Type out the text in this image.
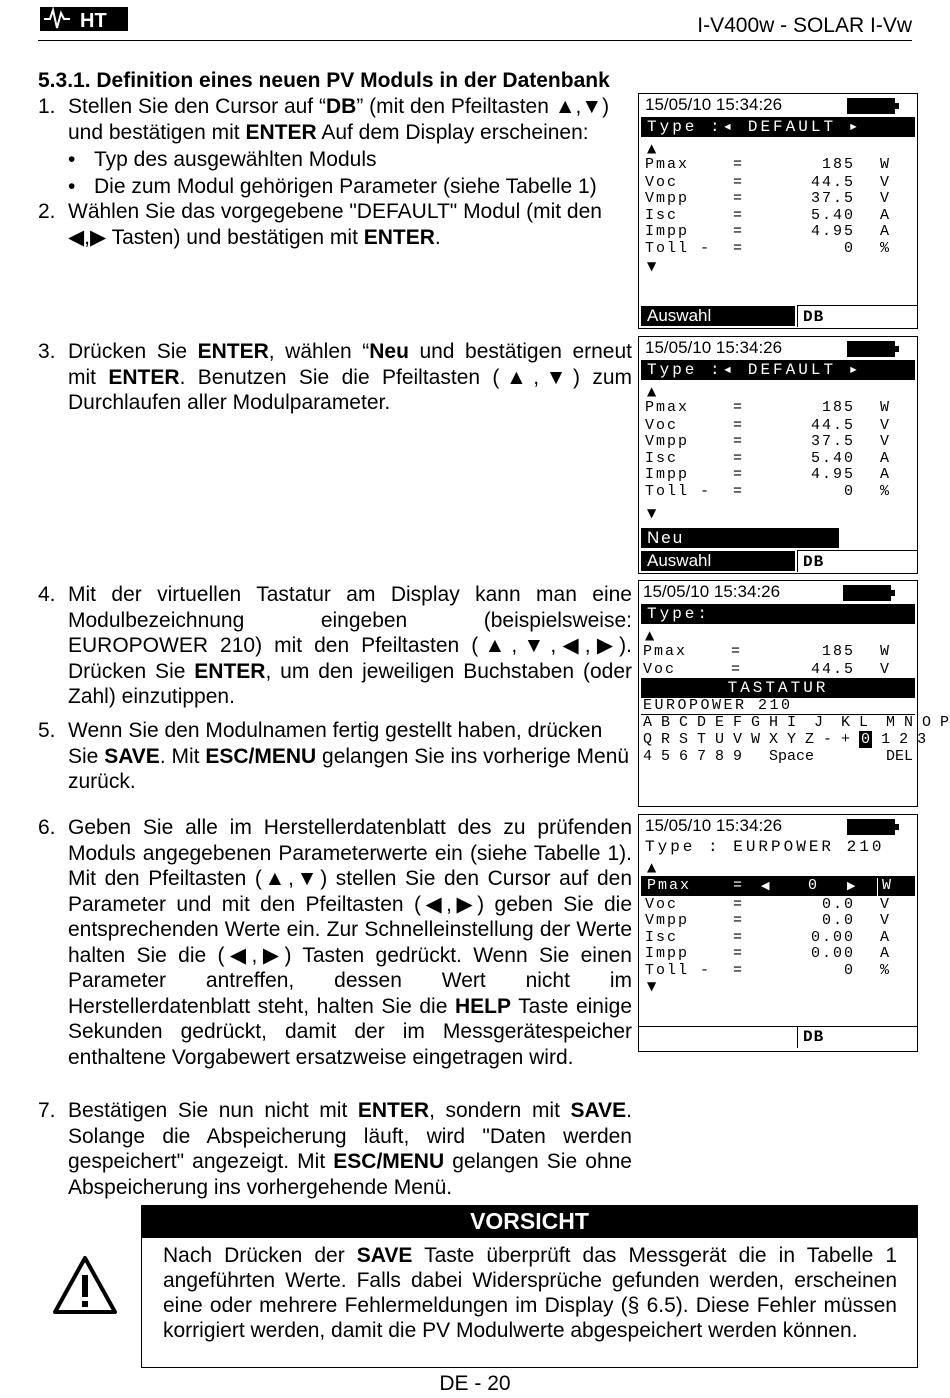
HT	I-V400w - SOLAR I-Vw
5.3.1. Definition eines neuen PV Moduls in der Datenbank
1. Stellen Sie den Cursor auf “DB” (mit den Pfeiltasten ▲,▼) und bestätigen mit ENTER Auf dem Display erscheinen:
• Typ des ausgewählten Moduls
• Die zum Modul gehörigen Parameter (siehe Tabelle 1)
2. Wählen Sie das vorgegebene "DEFAULT" Modul (mit den ◀,▶ Tasten) und bestätigen mit ENTER.
15/05/10 15:34:26
Type :◂ DEFAULT ▸
▲
Pmax	=	185 W
Voc	=	44.5 V
Vmpp	=	37.5 V
Isc	=	5.40 A
Impp	=	4.95 A
Toll - =	0 %
▼
Auswahl	DB
3. Drücken Sie ENTER, wählen “Neu und bestätigen erneut mit ENTER. Benutzen Sie die Pfeiltasten (▲,▼) zum Durchlaufen aller Modulparameter.
15/05/10 15:34:26
Type :◂ DEFAULT ▸
▲
Pmax	=	185 W
Voc	=	44.5 V
Vmpp	=	37.5 V
Isc	=	5.40 A
Impp	=	4.95 A
Toll - =	0 %
▼
Neu
Auswahl	DB
4. Mit der virtuellen Tastatur am Display kann man eine Modulbezeichnung eingeben (beispielsweise: EUROPOWER 210) mit den Pfeiltasten (▲,▼,◀,▶). Drücken Sie ENTER, um den jeweiligen Buchstaben (oder Zahl) einzutippen.
15/05/10 15:34:26
Type:
▲
Pmax	=	185 W
Voc	=	44.5 V
TASTATUR
EUROPOWER 210
A B C D E F G H I  J  K L  M N O P
Q R S T U V W X Y Z - + 0 1 2 3
4 5 6 7 8 9   Space        DEL
5. Wenn Sie den Modulnamen fertig gestellt haben, drücken Sie SAVE. Mit ESC/MENU gelangen Sie ins vorherige Menü zurück.
6. Geben Sie alle im Herstellerdatenblatt des zu prüfenden Moduls angegebenen Parameterwerte ein (siehe Tabelle 1). Mit den Pfeiltasten (▲,▼) stellen Sie den Cursor auf den Parameter und mit den Pfeiltasten (◀,▶) geben Sie die entsprechenden Werte ein. Zur Schnelleinstellung der Werte halten Sie die (◀,▶) Tasten gedrückt. Wenn Sie einen Parameter antreffen, dessen Wert nicht im Herstellerdatenblatt steht, halten Sie die HELP Taste einige Sekunden gedrückt, damit der im Messgerätespeicher enthaltene Vorgabewert ersatzweise eingetragen wird.
15/05/10 15:34:26
Type : EURPOWER 210
▲
Pmax	= ◀	0	▶	W
Voc	=	0.0 V
Vmpp	=	0.0 V
Isc	=	0.00 A
Impp	=	0.00 A
Toll - =	0 %
▼
DB
7. Bestätigen Sie nun nicht mit ENTER, sondern mit SAVE. Solange die Abspeicherung läuft, wird "Daten werden gespeichert" angezeigt. Mit ESC/MENU gelangen Sie ohne Abspeicherung ins vorhergehende Menü.
VORSICHT
Nach Drücken der SAVE Taste überprüft das Messgerät die in Tabelle 1 angeführten Werte. Falls dabei Widersprüche gefunden werden, erscheinen eine oder mehrere Fehlermeldungen im Display (§ 6.5). Diese Fehler müssen korrigiert werden, damit die PV Modulwerte abgespeichert werden können.
DE - 20
